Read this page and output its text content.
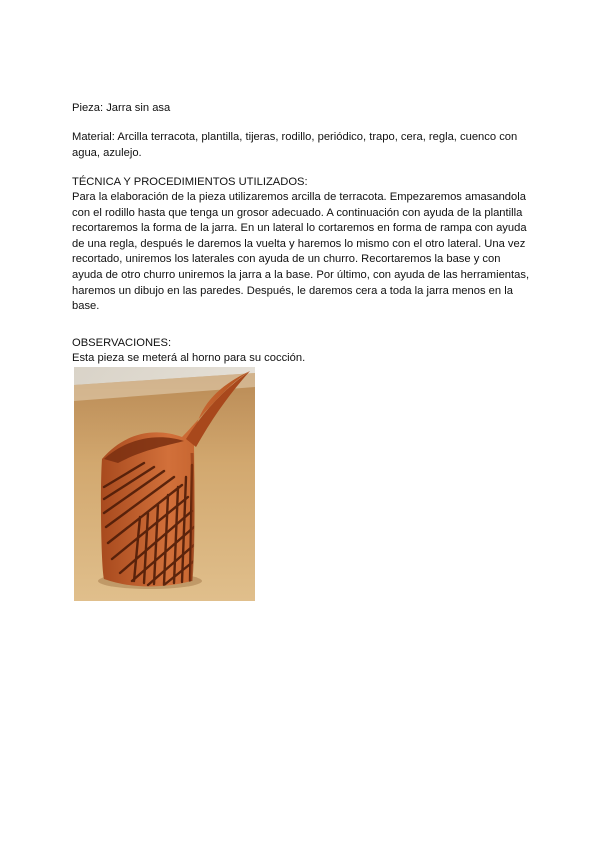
Pieza: Jarra sin asa
Material: Arcilla terracota, plantilla, tijeras, rodillo, periódico, trapo, cera, regla, cuenco con
agua, azulejo.
TÉCNICA Y PROCEDIMIENTOS UTILIZADOS:
Para la elaboración de la pieza utilizaremos arcilla de terracota. Empezaremos amasandola
con el rodillo hasta que tenga un grosor adecuado. A continuación con ayuda de la plantilla
recortaremos la forma de la jarra. En un lateral lo cortaremos en forma de rampa con ayuda
de una regla, después le daremos la vuelta y haremos lo mismo con el otro lateral. Una vez
recortado, uniremos los laterales con ayuda de un churro. Recortaremos la base y con
ayuda de otro churro uniremos la jarra a la base. Por último, con ayuda de las herramientas,
haremos un dibujo en las paredes. Después, le daremos cera a toda la jarra menos en la
base.
OBSERVACIONES:
Esta pieza se meterá al horno para su cocción.
